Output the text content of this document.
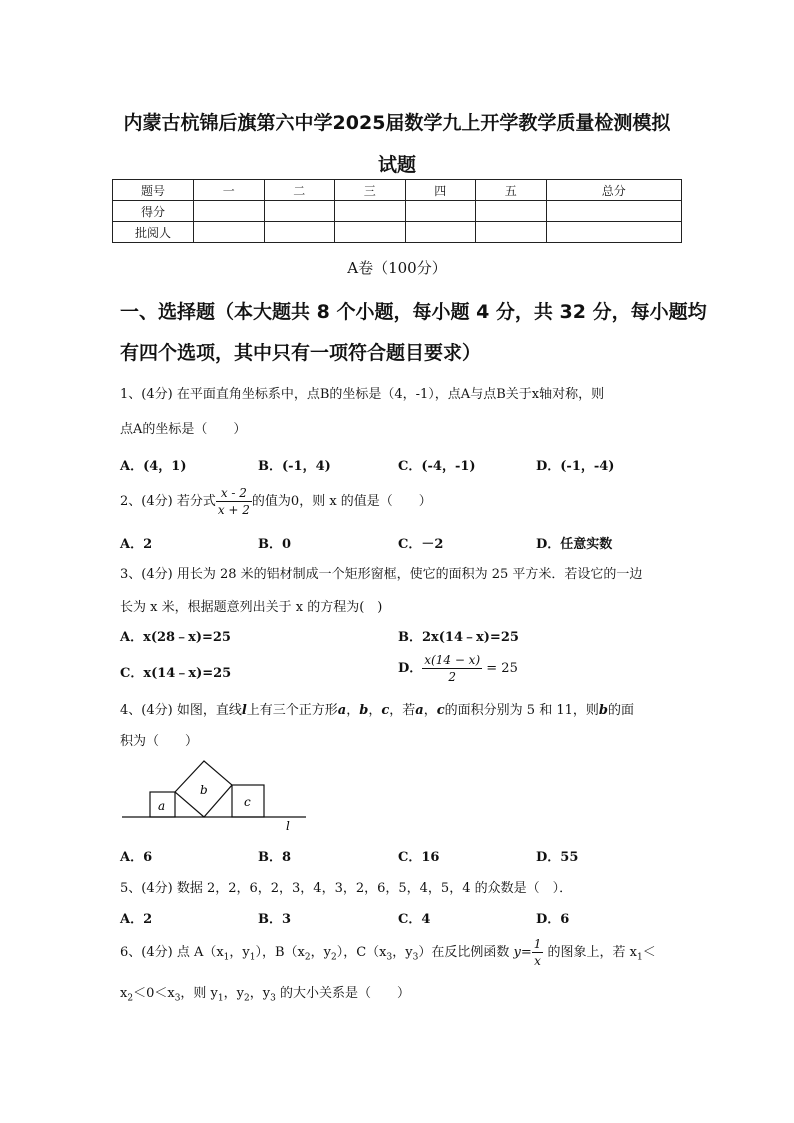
内蒙古杭锦后旗第六中学2025届数学九上开学教学质量检测模拟
试题
题号	一	二	三	四	五	总分
得分						
批阅人						
A卷（100分）
一、选择题（本大题共 8 个小题，每小题 4 分，共 32 分，每小题均
有四个选项，其中只有一项符合题目要求）
1、(4分) 在平面直角坐标系中，点B的坐标是（4，-1），点A与点B关于x轴对称，则
点A的坐标是（　　）
A．(4，1)	B．(-1，4)	C．(-4，-1)	D．(-1，-4)
2、(4分) 若分式 $\frac{x - 2}{x + 2}$ 的值为0，则 x 的值是（　　）
A．2	B．0	C．－2	D．任意实数
3、(4分) 用长为 28 米的铝材制成一个矩形窗框，使它的面积为 25 平方米．若设它的一边
长为 x 米，根据题意列出关于 x 的方程为(　)
A．x(28﹣x)=25	B．2x(14﹣x)=25
C．x(14﹣x)=25	D． $\frac{x(14 - x)}{2} = 25$
4、(4分) 如图，直线l上有三个正方形a，b，c，若a，c的面积分别为 5 和 11，则b的面
积为（　　）
a
b
c
l
A．6	B．8	C．16	D．55
5、(4分) 数据 2，2，6，2，3，4，3，2，6，5，4，5，4 的众数是（　）．
A．2	B．3	C．4	D．6
6、(4分) 点 $A(x_1$，$y_1$），$B(x_2$，$y_2$），$C(x_3$，$y_3$）在反比例函数 $y= \frac{1}{x}$ 的图象上，若 $x_1<$
$x_2<0<x_3$，则 $y_1$，$y_2$，$y_3$ 的大小关系是（　　）
